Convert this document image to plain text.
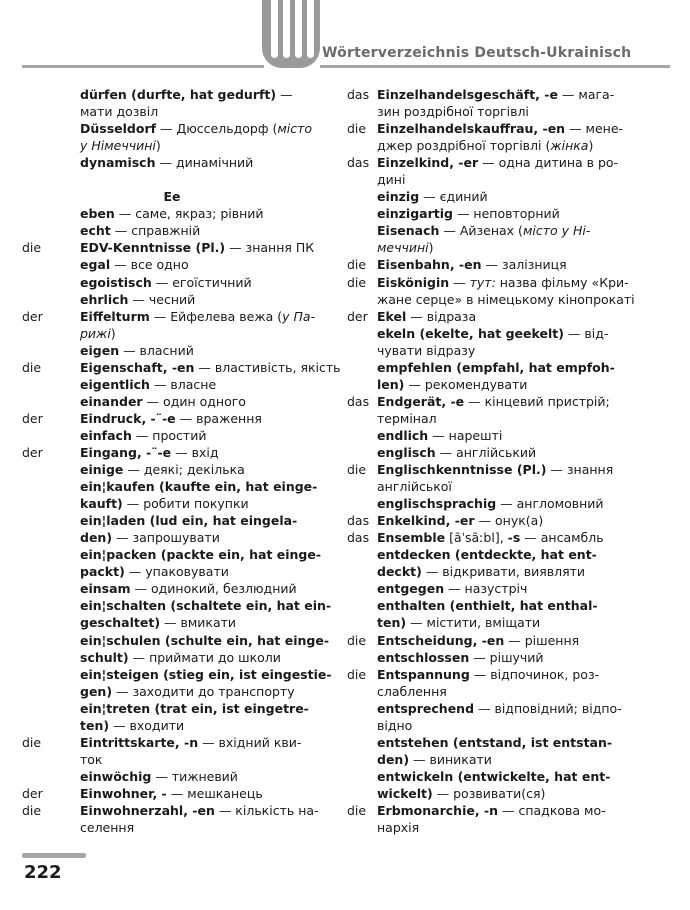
Wörterverzeichnis Deutsch-Ukrainisch
dürfen (durfte, hat gedurft) —
мати дозвіл
Düsseldorf — Дюссельдорф (місто
у Німеччині)
dynamisch — динамічний
Ee
eben — саме, якраз; рівний
echt — справжній
die	EDV-Kenntnisse (Pl.) — знання ПК
egal — все одно
egoistisch — егоїстичний
ehrlich — чесний
der	Eiffelturm — Ейфелева вежа (у Па-
рижі)
eigen — власний
die	Eigenschaft, -en — властивість, якість
eigentlich — власне
einander — один одного
der	Eindruck, -¨-e — враження
einfach — простий
der	Eingang, -¨-e — вхід
einige — деякі; декілька
ein¦kaufen (kaufte ein, hat einge-
kauft) — робити покупки
ein¦laden (lud ein, hat eingela-
den) — запрошувати
ein¦packen (packte ein, hat einge-
packt) — упаковувати
einsam — одинокий, безлюдний
ein¦schalten (schaltete ein, hat ein-
geschaltet) — вмикати
ein¦schulen (schulte ein, hat einge-
schult) — приймати до школи
ein¦steigen (stieg ein, ist eingestie-
gen) — заходити до транспорту
ein¦treten (trat ein, ist eingetre-
ten) — входити
die	Eintrittskarte, -n — вхідний кви-
ток
einwöchig — тижневий
der	Einwohner, - — мешканець
die	Einwohnerzahl, -en — кількість на-
селення
das Einzelhandelsgeschäft, -e — мага-
зин роздрібної торгівлі
die Einzelhandelskauffrau, -en — мене-
джер роздрібної торгівлі (жінка)
das Einzelkind, -er — одна дитина в ро-
дині
einzig — єдиний
einzigartig — неповторний
Eisenach — Айзенах (місто у Ні-
меччині)
die Eisenbahn, -en — залізниця
die Eiskönigin — тут: назва фільму «Кри-
жане серце» в німецькому кінопрокаті
der Ekel — відраза
ekeln (ekelte, hat geekelt) — від-
чувати відразу
empfehlen (empfahl, hat empfoh-
len) — рекомендувати
das Endgerät, -e — кінцевий пристрій;
термінал
endlich — нарешті
englisch — англійський
die Englischkenntnisse (Pl.) — знання
англійської
englischsprachig — англомовний
das Enkelkind, -er — онук(а)
das Ensemble [ãˈsãːbl], -s — ансамбль
entdecken (entdeckte, hat ent-
deckt) — відкривати, виявляти
entgegen — назустріч
enthalten (enthielt, hat enthal-
ten) — містити, вміщати
die Entscheidung, -en — рішення
entschlossen — рішучий
die Entspannung — відпочинок, роз-
слаблення
entsprechend — відповідний; відпо-
відно
entstehen (entstand, ist entstan-
den) — виникати
entwickeln (entwickelte, hat ent-
wickelt) — розвивати(ся)
die Erbmonarchie, -n — спадкова мо-
нархія
222
